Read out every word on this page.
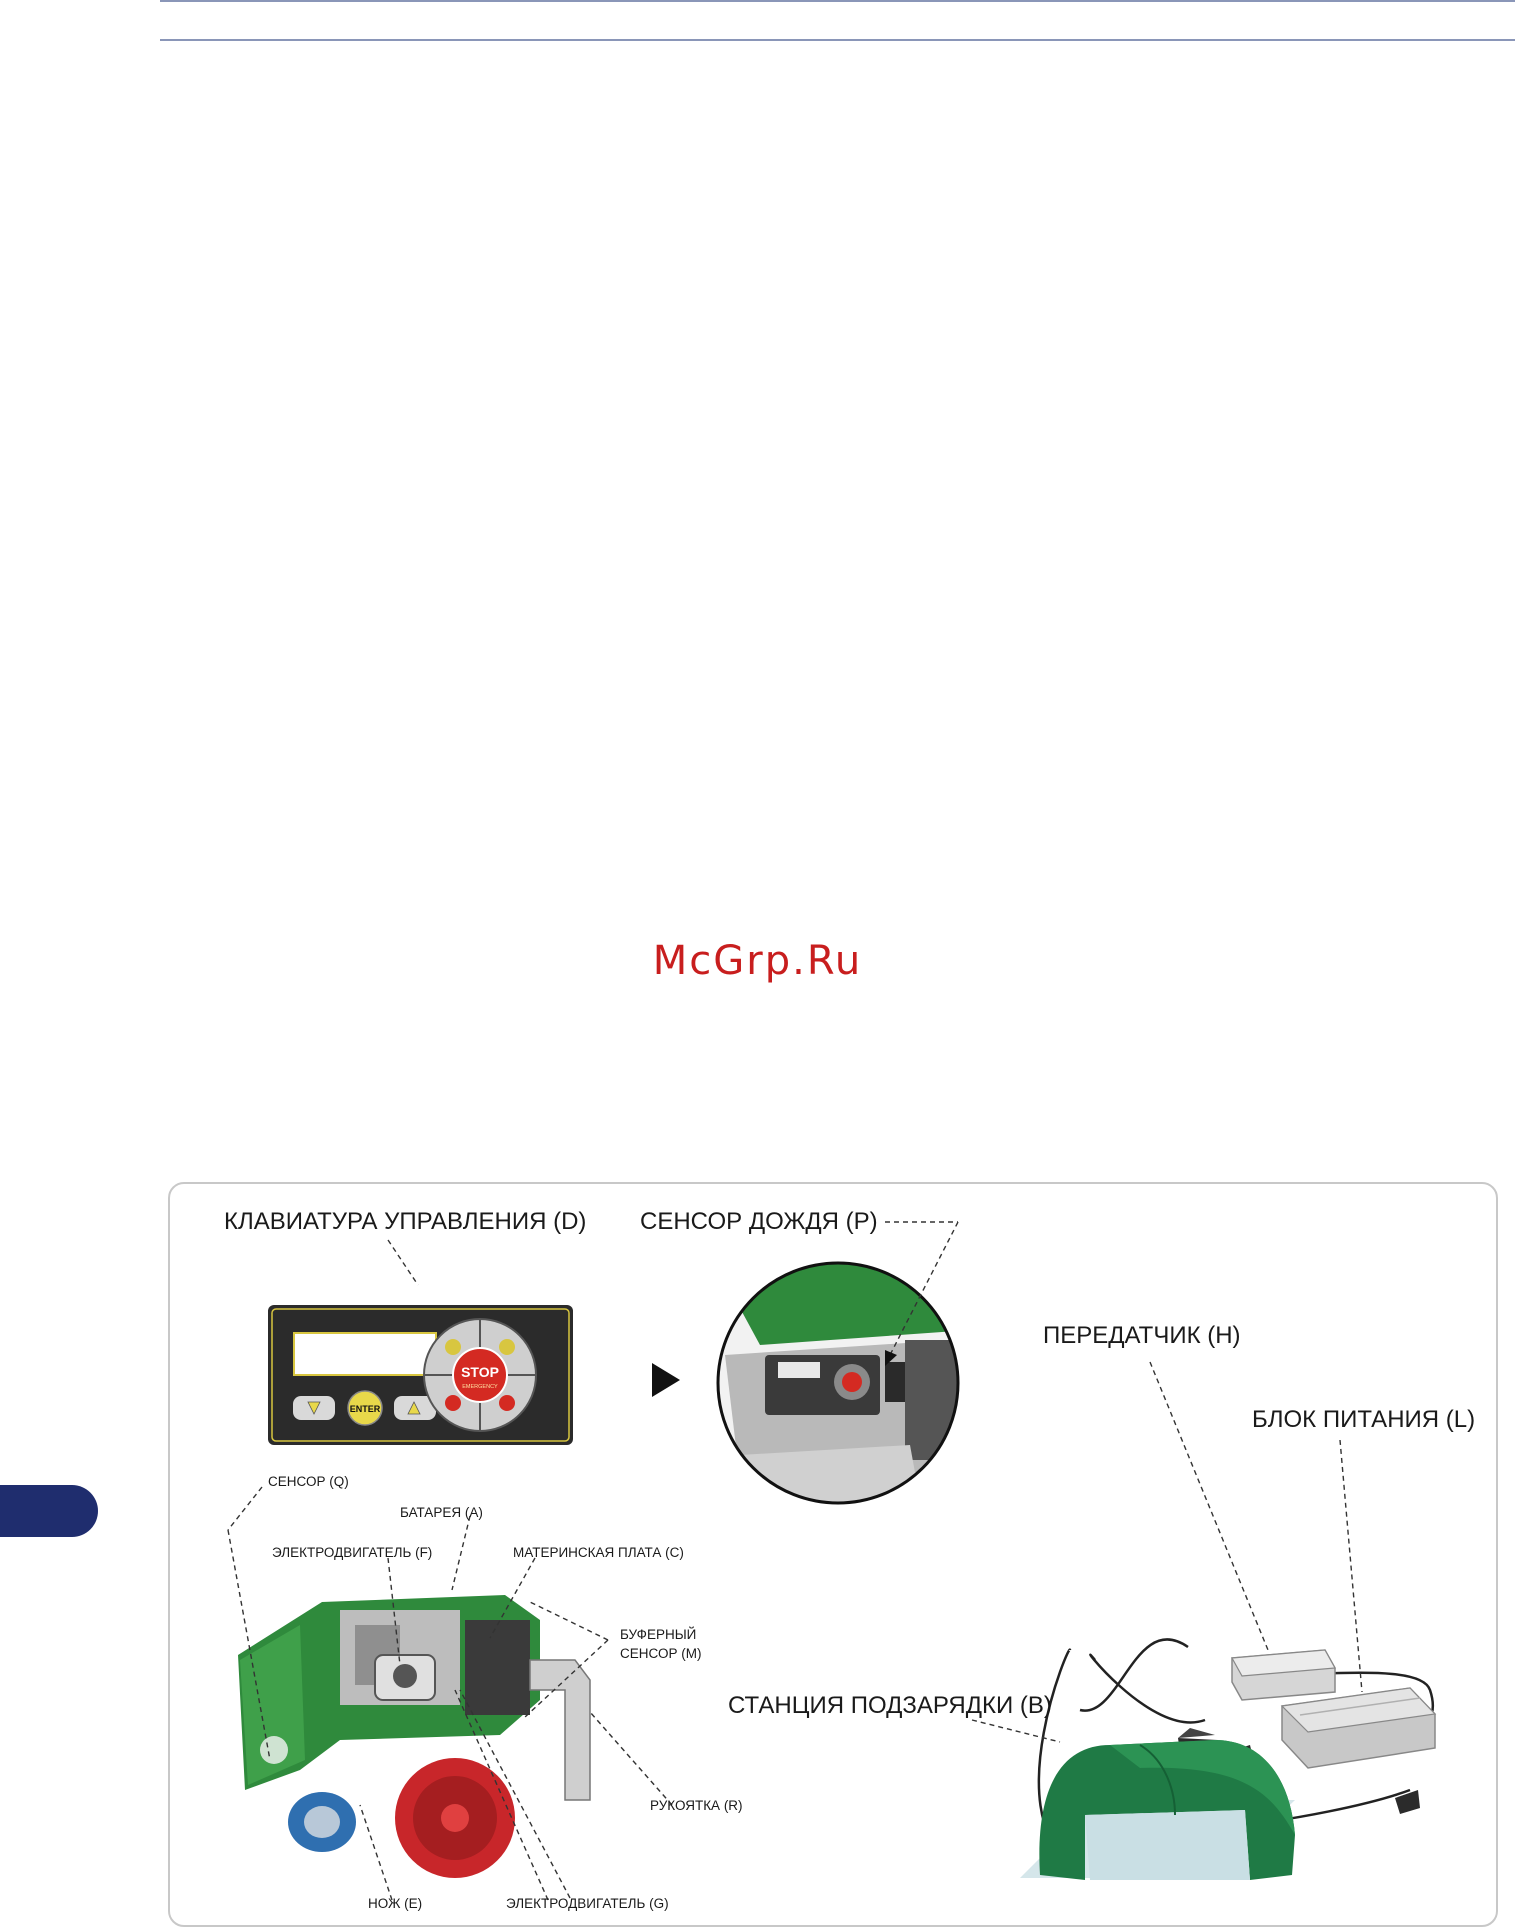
McGrp.Ru
ENTER
STOP
EMERGENCY
КЛАВИАТУРА УПРАВЛЕНИЯ (D) СЕНСОР ДОЖДЯ (P)
ПЕРЕДАТЧИК (H)
БЛОК ПИТАНИЯ (L)
СТАНЦИЯ ПОДЗАРЯДКИ (B)
СЕНСОР (Q)
БАТАРЕЯ (A)
ЭЛЕКТРОДВИГАТЕЛЬ (F)	МАТЕРИНСКАЯ ПЛАТА (C)
БУФЕРНЫЙ
СЕНСОР (M)
РУКОЯТКА (R)
НОЖ (E)	ЭЛЕКТРОДВИГАТЕЛЬ (G)
